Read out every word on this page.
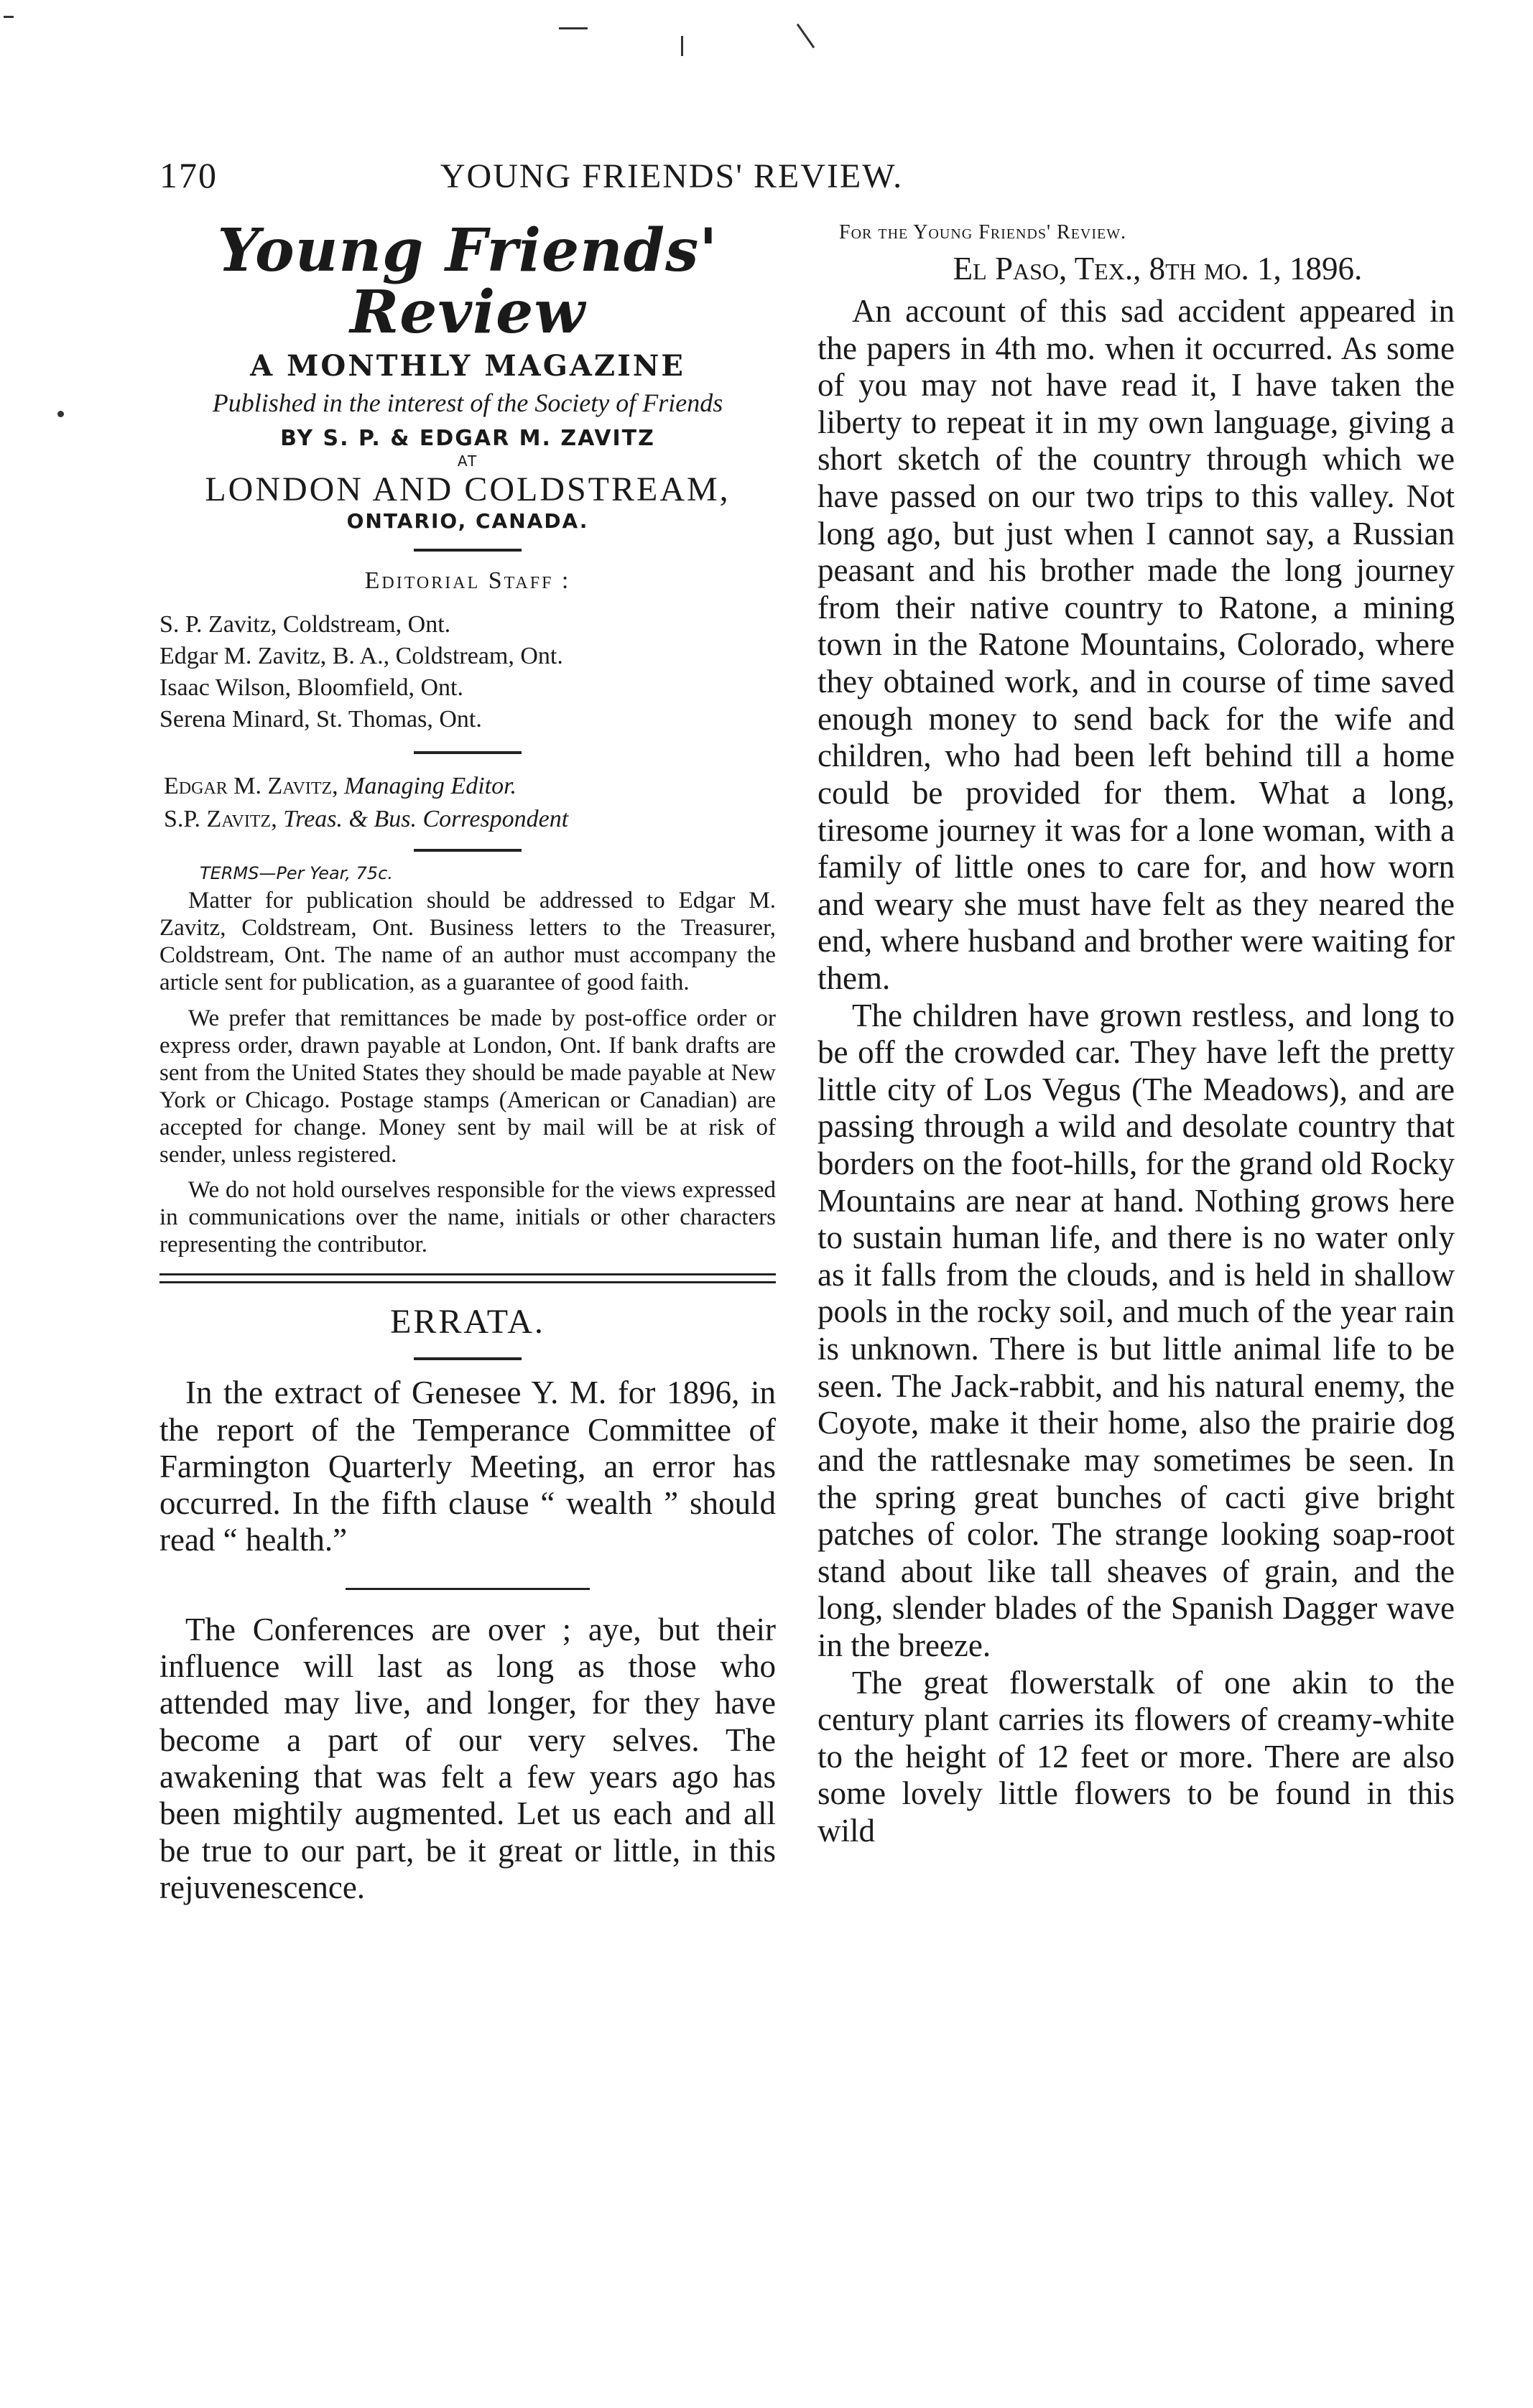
170	YOUNG FRIENDS' REVIEW.
Young Friends' Review
A MONTHLY MAGAZINE
Published in the interest of the Society of Friends
BY S. P. & EDGAR M. ZAVITZ
AT
LONDON AND COLDSTREAM,
ONTARIO, CANADA.
Editorial Staff :
S. P. Zavitz, Coldstream, Ont.
Edgar M. Zavitz, B. A., Coldstream, Ont.
Isaac Wilson, Bloomfield, Ont.
Serena Minard, St. Thomas, Ont.
Edgar M. Zavitz, Managing Editor.
S.P. Zavitz, Treas. & Bus. Correspondent
TERMS—Per Year, 75c.

Matter for publication should be addressed to Edgar M. Zavitz, Coldstream, Ont. Business letters to the Treasurer, Coldstream, Ont. The name of an author must accompany the article sent for publication, as a guarantee of good faith.

We prefer that remittances be made by post-office order or express order, drawn payable at London, Ont. If bank drafts are sent from the United States they should be made payable at New York or Chicago. Postage stamps (American or Canadian) are accepted for change. Money sent by mail will be at risk of sender, unless registered.

We do not hold ourselves responsible for the views expressed in communications over the name, initials or other characters representing the contributor.

ERRATA.

In the extract of Genesee Y. M. for 1896, in the report of the Temperance Committee of Farmington Quarterly Meeting, an error has occurred. In the fifth clause “ wealth ” should read “ health.”

The Conferences are over ; aye, but their influence will last as long as those who attended may live, and longer, for they have become a part of our very selves. The awakening that was felt a few years ago has been mightily augmented. Let us each and all be true to our part, be it great or little, in this rejuvenescence.

For the Young Friends' Review.
El Paso, Tex., 8th mo. 1, 1896.

An account of this sad accident appeared in the papers in 4th mo. when it occurred. As some of you may not have read it, I have taken the liberty to repeat it in my own language, giving a short sketch of the country through which we have passed on our two trips to this valley. Not long ago, but just when I cannot say, a Russian peasant and his brother made the long journey from their native country to Ratone, a mining town in the Ratone Mountains, Colorado, where they obtained work, and in course of time saved enough money to send back for the wife and children, who had been left behind till a home could be provided for them. What a long, tiresome journey it was for a lone woman, with a family of little ones to care for, and how worn and weary she must have felt as they neared the end, where husband and brother were waiting for them.

The children have grown restless, and long to be off the crowded car. They have left the pretty little city of Los Vegus (The Meadows), and are passing through a wild and desolate country that borders on the foot-hills, for the grand old Rocky Mountains are near at hand. Nothing grows here to sustain human life, and there is no water only as it falls from the clouds, and is held in shallow pools in the rocky soil, and much of the year rain is unknown. There is but little animal life to be seen. The Jack-rabbit, and his natural enemy, the Coyote, make it their home, also the prairie dog and the rattlesnake may sometimes be seen. In the spring great bunches of cacti give bright patches of color. The strange looking soap-root stand about like tall sheaves of grain, and the long, slender blades of the Spanish Dagger wave in the breeze.

The great flowerstalk of one akin to the century plant carries its flowers of creamy-white to the height of 12 feet or more. There are also some lovely little flowers to be found in this wild
